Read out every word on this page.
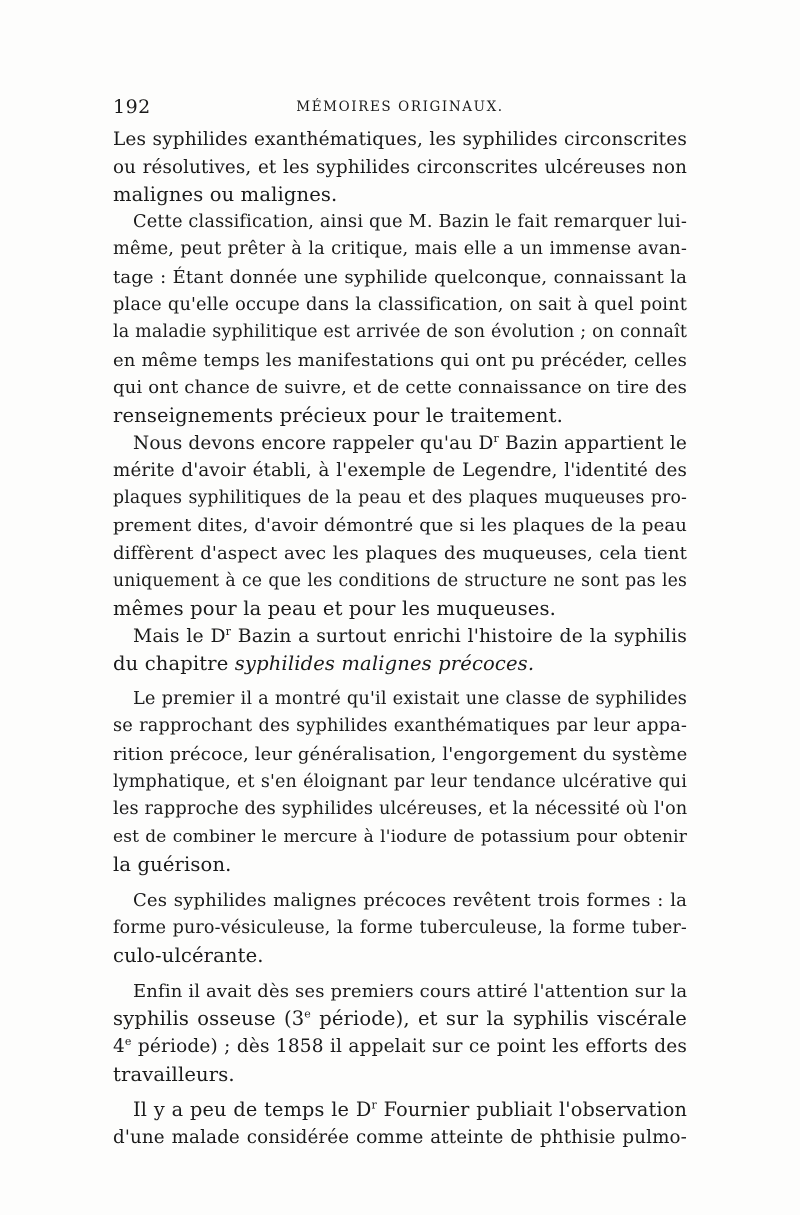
192	MÉMOIRES ORIGINAUX.
Les syphilides exanthématiques, les syphilides circonscrites
ou résolutives, et les syphilides circonscrites ulcéreuses non
malignes ou malignes.
Cette classification, ainsi que M. Bazin le fait remarquer lui-
même, peut prêter à la critique, mais elle a un immense avan-
tage : Étant donnée une syphilide quelconque, connaissant la
place qu'elle occupe dans la classification, on sait à quel point
la maladie syphilitique est arrivée de son évolution ; on connaît
en même temps les manifestations qui ont pu précéder, celles
qui ont chance de suivre, et de cette connaissance on tire des
renseignements précieux pour le traitement.
Nous devons encore rappeler qu'au $D^r$ Bazin appartient le
mérite d'avoir établi, à l'exemple de Legendre, l'identité des
plaques syphilitiques de la peau et des plaques muqueuses pro-
prement dites, d'avoir démontré que si les plaques de la peau
diffèrent d'aspect avec les plaques des muqueuses, cela tient
uniquement à ce que les conditions de structure ne sont pas les
mêmes pour la peau et pour les muqueuses.
Mais le $D^r$ Bazin a surtout enrichi l'histoire de la syphilis
du chapitre syphilides malignes précoces.
Le premier il a montré qu'il existait une classe de syphilides
se rapprochant des syphilides exanthématiques par leur appa-
rition précoce, leur généralisation, l'engorgement du système
lymphatique, et s'en éloignant par leur tendance ulcérative qui
les rapproche des syphilides ulcéreuses, et la nécessité où l'on
est de combiner le mercure à l'iodure de potassium pour obtenir
la guérison.
Ces syphilides malignes précoces revêtent trois formes : la
forme puro-vésiculeuse, la forme tuberculeuse, la forme tuber-
culo-ulcérante.
Enfin il avait dès ses premiers cours attiré l'attention sur la
syphilis osseuse (3e période), et sur la syphilis viscérale
4e période) ; dès 1858 il appelait sur ce point les efforts des
travailleurs.
Il y a peu de temps le $D^r$ Fournier publiait l'observation
d'une malade considérée comme atteinte de phthisie pulmo-
